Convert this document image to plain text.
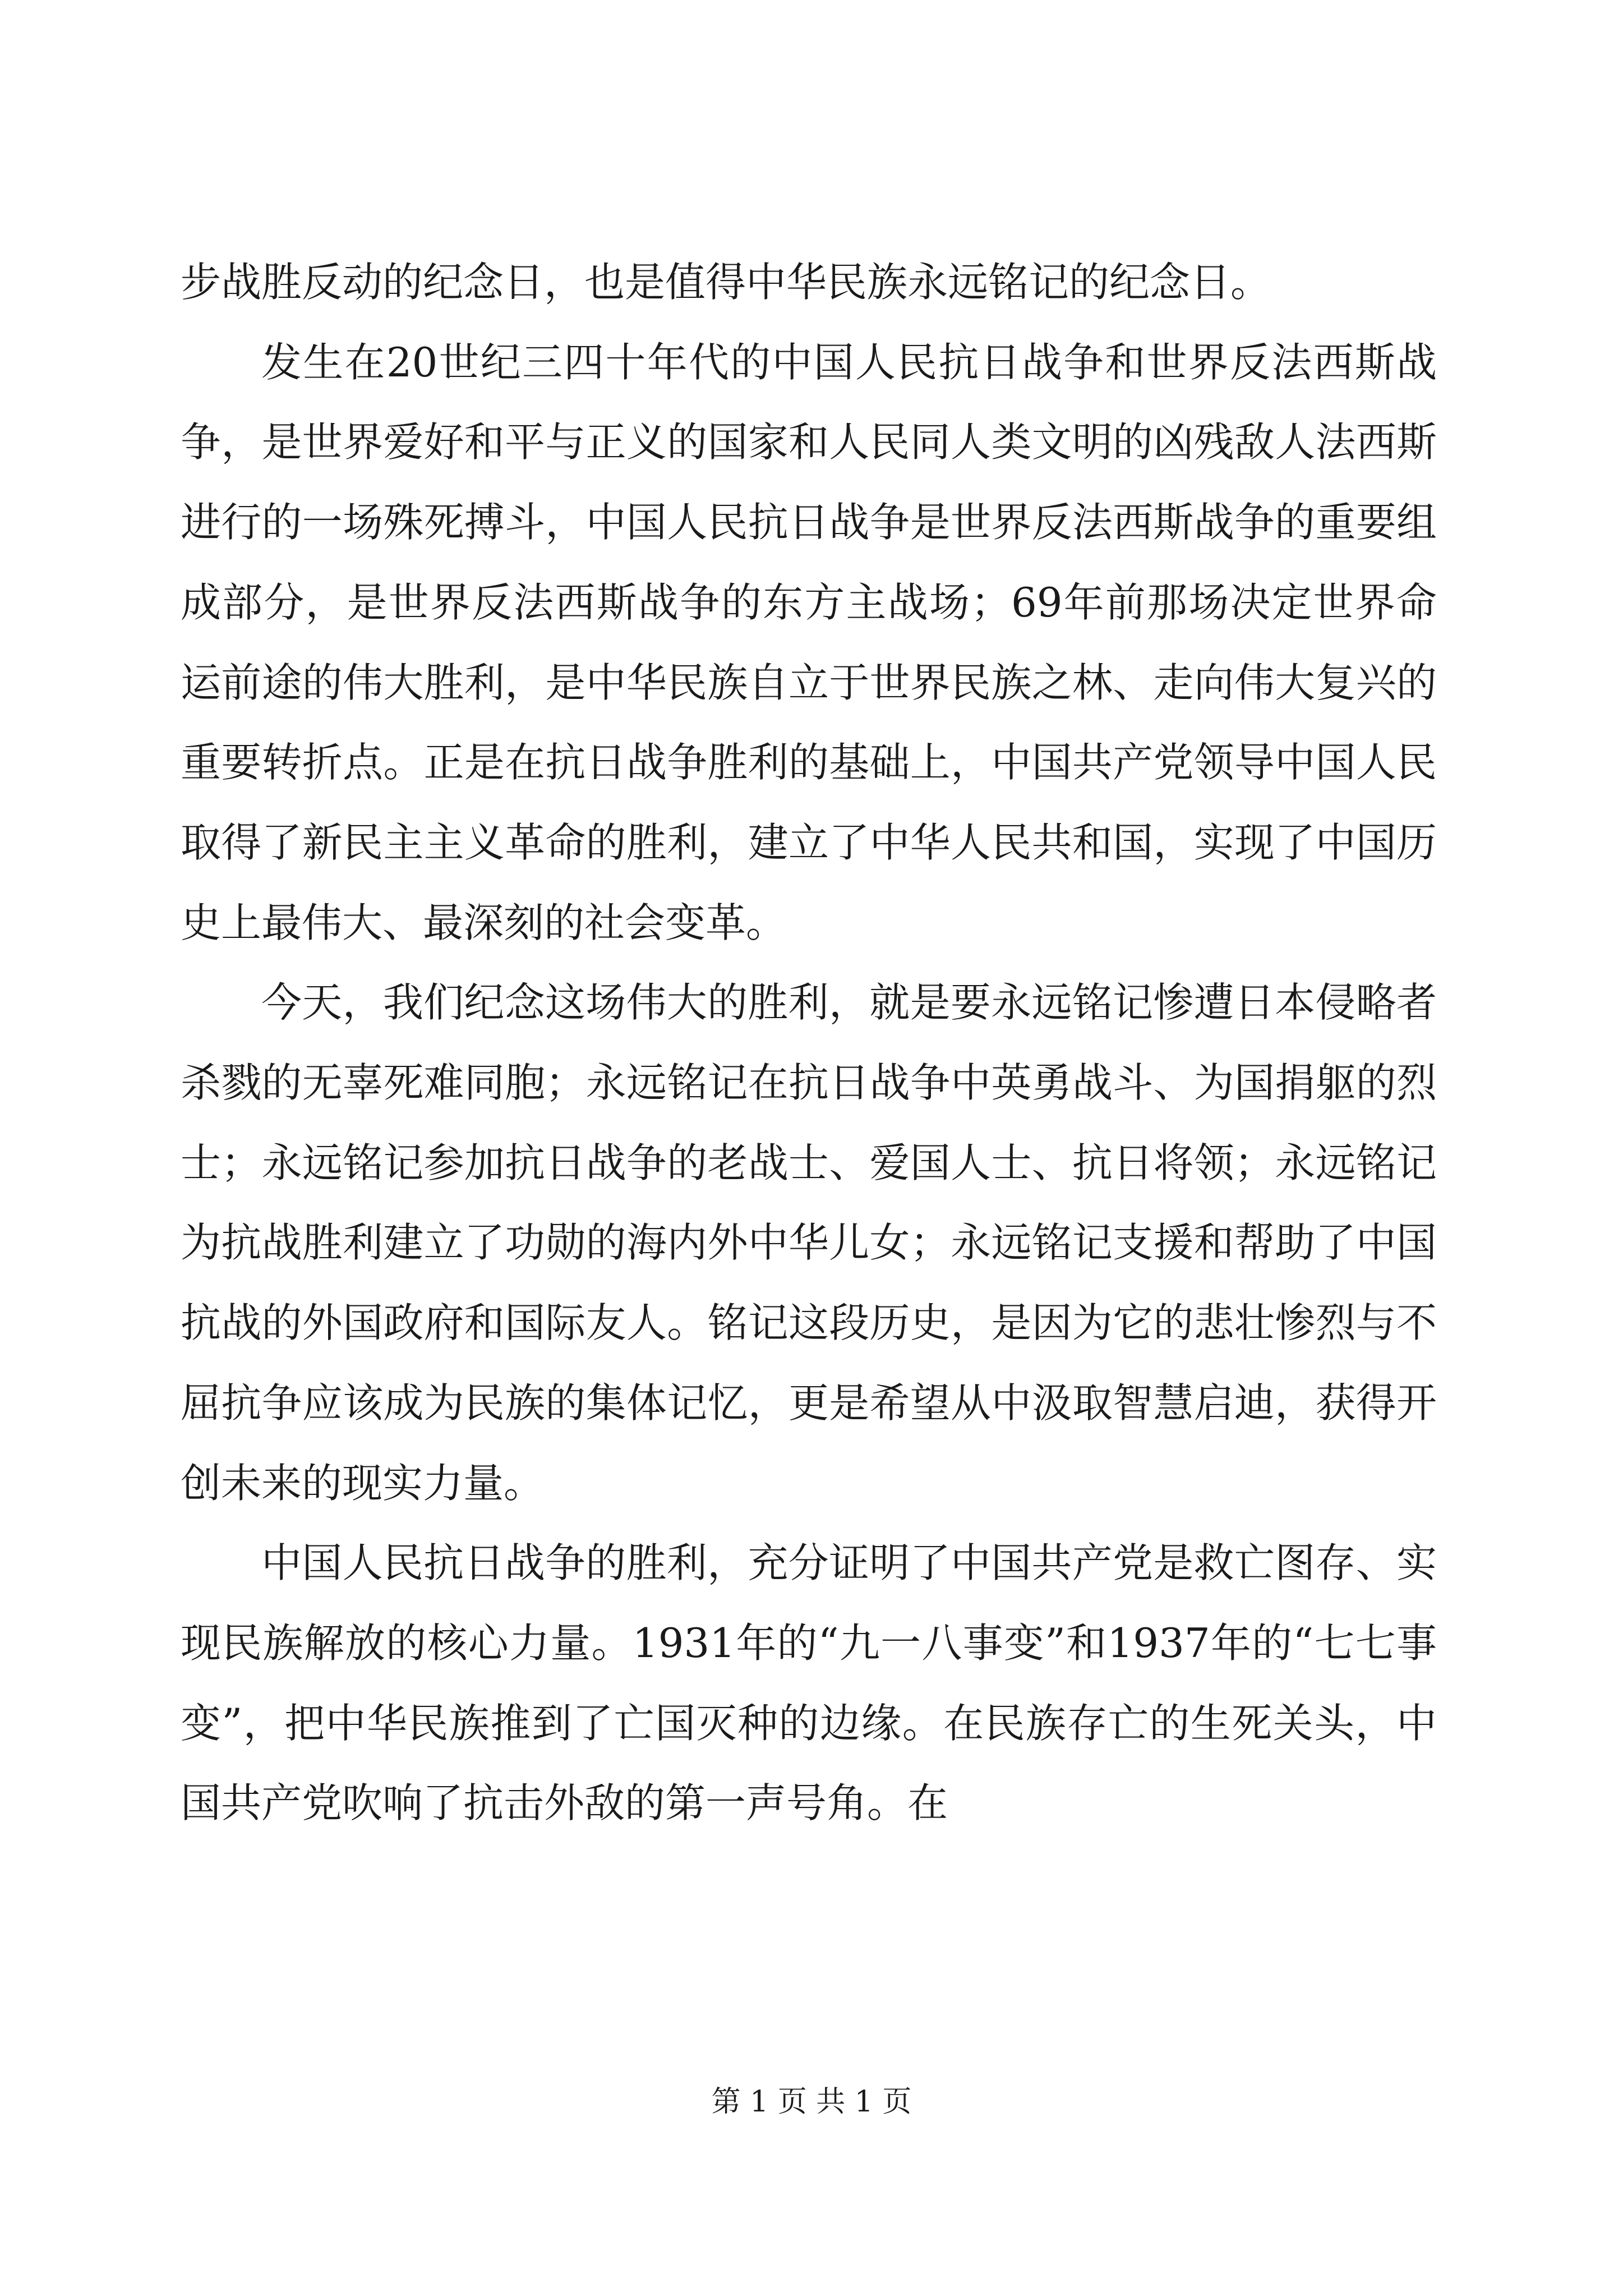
步战胜反动的纪念日，也是值得中华民族永远铭记的纪念日。

发生在20世纪三四十年代的中国人民抗日战争和世界反法西斯战争，是世界爱好和平与正义的国家和人民同人类文明的凶残敌人法西斯进行的一场殊死搏斗，中国人民抗日战争是世界反法西斯战争的重要组成部分，是世界反法西斯战争的东方主战场；69年前那场决定世界命运前途的伟大胜利，是中华民族自立于世界民族之林、走向伟大复兴的重要转折点。正是在抗日战争胜利的基础上，中国共产党领导中国人民取得了新民主主义革命的胜利，建立了中华人民共和国，实现了中国历史上最伟大、最深刻的社会变革。

今天，我们纪念这场伟大的胜利，就是要永远铭记惨遭日本侵略者杀戮的无辜死难同胞；永远铭记在抗日战争中英勇战斗、为国捐躯的烈士；永远铭记参加抗日战争的老战士、爱国人士、抗日将领；永远铭记为抗战胜利建立了功勋的海内外中华儿女；永远铭记支援和帮助了中国抗战的外国政府和国际友人。铭记这段历史，是因为它的悲壮惨烈与不屈抗争应该成为民族的集体记忆，更是希望从中汲取智慧启迪，获得开创未来的现实力量。

中国人民抗日战争的胜利，充分证明了中国共产党是救亡图存、实现民族解放的核心力量。1931年的“九一八事变”和1937年的“七七事变”，把中华民族推到了亡国灭种的边缘。在民族存亡的生死关头，中国共产党吹响了抗击外敌的第一声号角。在

第 1 页 共 1 页
